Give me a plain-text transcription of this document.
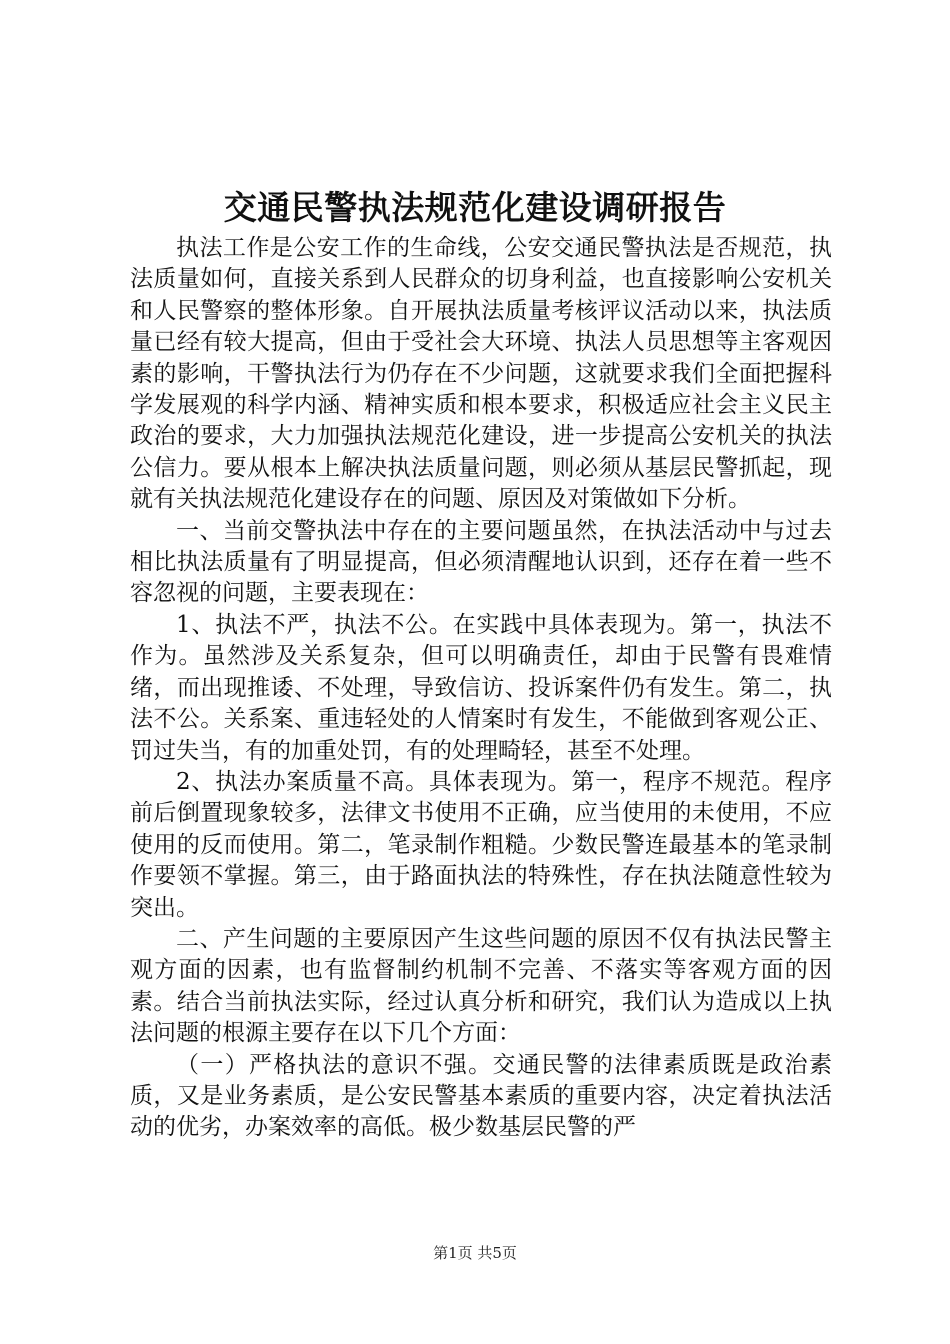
交通民警执法规范化建设调研报告

执法工作是公安工作的生命线，公安交通民警执法是否规范，执法质量如何，直接关系到人民群众的切身利益，也直接影响公安机关和人民警察的整体形象。自开展执法质量考核评议活动以来，执法质量已经有较大提高，但由于受社会大环境、执法人员思想等主客观因素的影响，干警执法行为仍存在不少问题，这就要求我们全面把握科学发展观的科学内涵、精神实质和根本要求，积极适应社会主义民主政治的要求，大力加强执法规范化建设，进一步提高公安机关的执法公信力。要从根本上解决执法质量问题，则必须从基层民警抓起，现就有关执法规范化建设存在的问题、原因及对策做如下分析。

一、当前交警执法中存在的主要问题虽然，在执法活动中与过去相比执法质量有了明显提高，但必须清醒地认识到，还存在着一些不容忽视的问题，主要表现在：

1、执法不严，执法不公。在实践中具体表现为。第一，执法不作为。虽然涉及关系复杂，但可以明确责任，却由于民警有畏难情绪，而出现推诿、不处理，导致信访、投诉案件仍有发生。第二，执法不公。关系案、重违轻处的人情案时有发生，不能做到客观公正、罚过失当，有的加重处罚，有的处理畸轻，甚至不处理。

2、执法办案质量不高。具体表现为。第一，程序不规范。程序前后倒置现象较多，法律文书使用不正确，应当使用的未使用，不应使用的反而使用。第二，笔录制作粗糙。少数民警连最基本的笔录制作要领不掌握。第三，由于路面执法的特殊性，存在执法随意性较为突出。

二、产生问题的主要原因产生这些问题的原因不仅有执法民警主观方面的因素，也有监督制约机制不完善、不落实等客观方面的因素。结合当前执法实际，经过认真分析和研究，我们认为造成以上执法问题的根源主要存在以下几个方面：

（一）严格执法的意识不强。交通民警的法律素质既是政治素质，又是业务素质，是公安民警基本素质的重要内容，决定着执法活动的优劣，办案效率的高低。极少数基层民警的严

第1页 共5页
